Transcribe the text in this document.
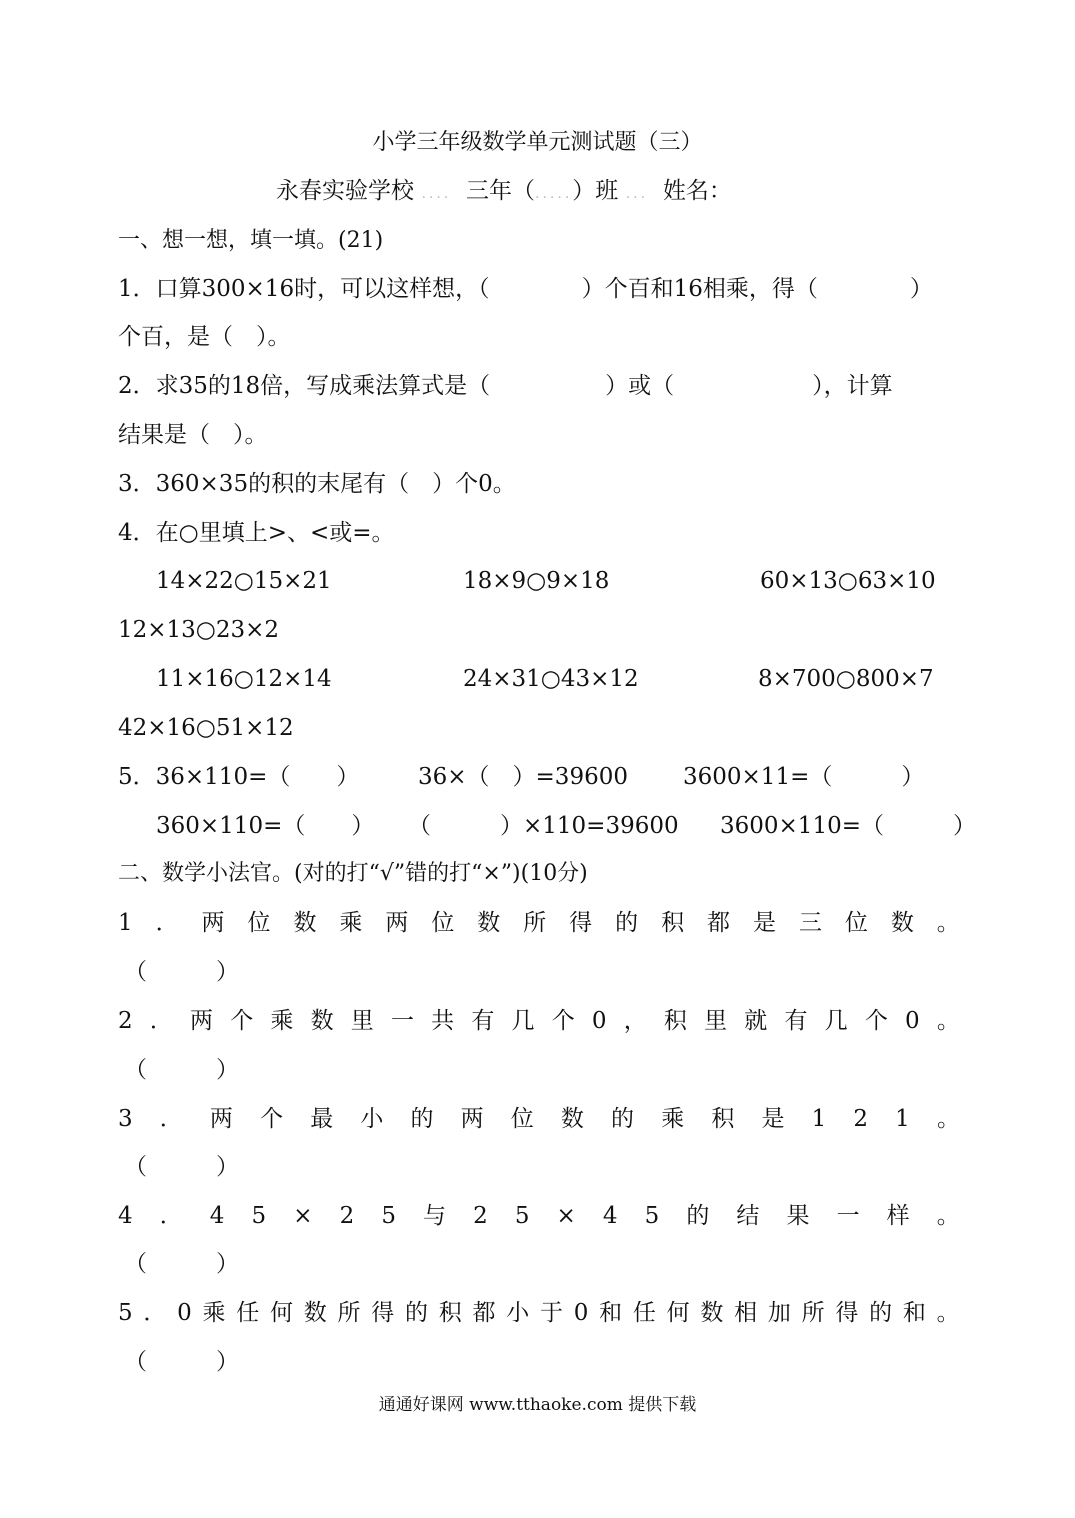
小学三年级数学单元测试题（三）
永春实验学校 ....  三年（.....）班 ...  姓名：
一、想一想，填一填。(21)
1．口算300×16时，可以这样想，（　　　　）个百和16相乘，得（　　　　）
个百，是（　）。
2．求35的18倍，写成乘法算式是（　　　　　）或（　　　　　　），计算
结果是（　）。
3．360×35的积的末尾有（　）个0。
4．在○里填上>、<或=。
14×22○15×21	18×9○9×18	60×13○63×10
12×13○23×2
11×16○12×14	24×31○43×12	8×700○800×7
42×16○51×12
5．36×110=（　　）	36×（　）=39600 3600×11=（　　　）
360×110=（　　） （　　　）×110=39600 3600×110=（　　　）
二、数学小法官。(对的打“√”错的打“×”)(10分)
1 ． 两 位 数 乘 两 位 数 所 得 的 积 都 是 三 位 数 。
（　　　）
2 ． 两 个 乘 数 里 一 共 有 几 个 0 ， 积 里 就 有 几 个 0 。
（　　　）
3 ． 两 个 最 小 的 两 位 数 的 乘 积 是 1 2 1 。
（　　　）
4 ． 4 5 × 2 5 与 2 5 × 4 5 的 结 果 一 样 。
（　　　）
5 ． 0 乘 任 何 数 所 得 的 积 都 小 于 0 和 任 何 数 相 加 所 得 的 和 。
（　　　）
通通好课网 www.tthaoke.com 提供下载
